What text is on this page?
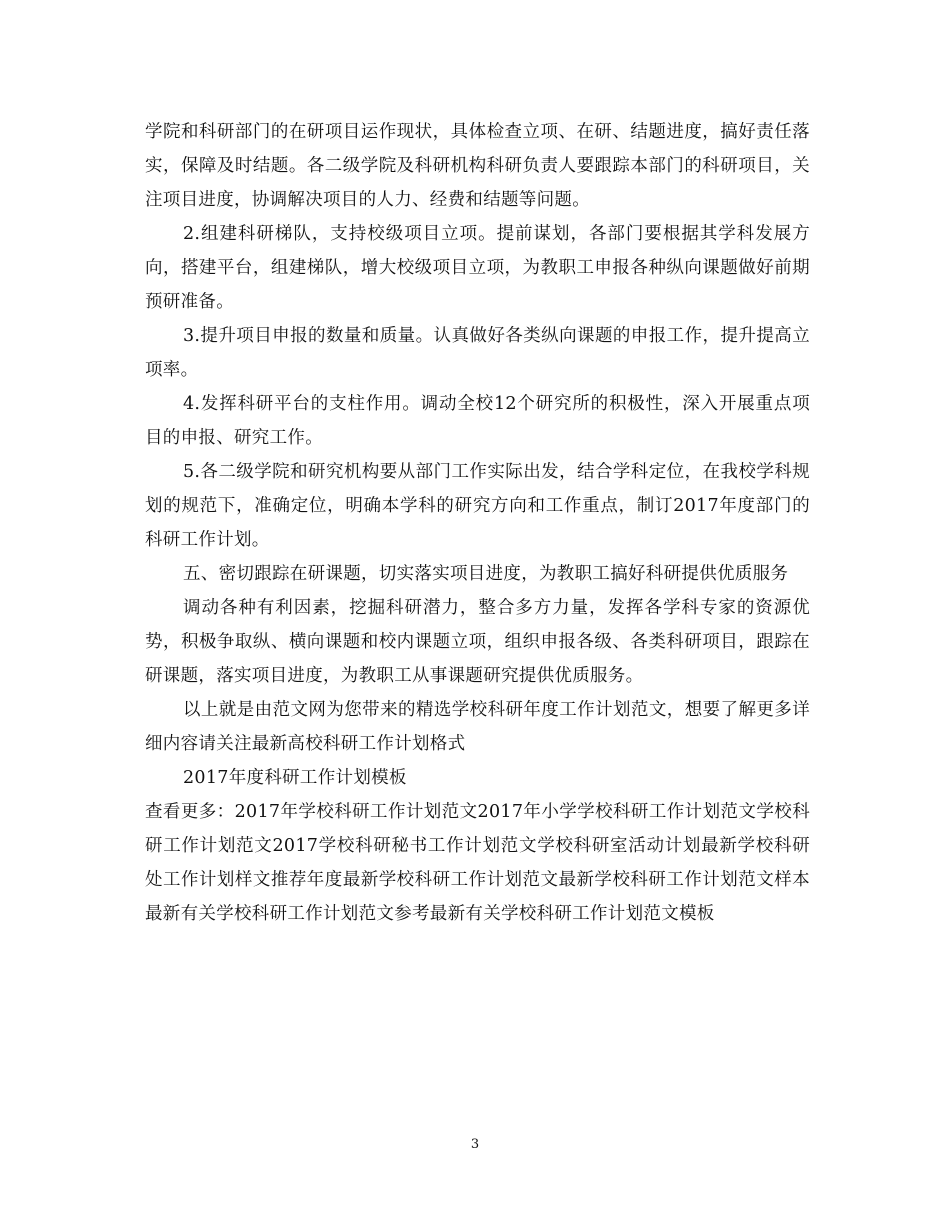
学院和科研部门的在研项目运作现状，具体检查立项、在研、结题进度，搞好责任落实，保障及时结题。各二级学院及科研机构科研负责人要跟踪本部门的科研项目，关注项目进度，协调解决项目的人力、经费和结题等问题。

2.组建科研梯队，支持校级项目立项。提前谋划，各部门要根据其学科发展方向，搭建平台，组建梯队，增大校级项目立项，为教职工申报各种纵向课题做好前期预研准备。

3.提升项目申报的数量和质量。认真做好各类纵向课题的申报工作，提升提高立项率。

4.发挥科研平台的支柱作用。调动全校12个研究所的积极性，深入开展重点项目的申报、研究工作。

5.各二级学院和研究机构要从部门工作实际出发，结合学科定位，在我校学科规划的规范下，准确定位，明确本学科的研究方向和工作重点，制订2017年度部门的科研工作计划。

五、密切跟踪在研课题，切实落实项目进度，为教职工搞好科研提供优质服务

调动各种有利因素，挖掘科研潜力，整合多方力量，发挥各学科专家的资源优势，积极争取纵、横向课题和校内课题立项，组织申报各级、各类科研项目，跟踪在研课题，落实项目进度，为教职工从事课题研究提供优质服务。

以上就是由范文网为您带来的精选学校科研年度工作计划范文，想要了解更多详细内容请关注最新高校科研工作计划格式

2017年度科研工作计划模板

查看更多：2017年学校科研工作计划范文2017年小学学校科研工作计划范文学校科研工作计划范文2017学校科研秘书工作计划范文学校科研室活动计划最新学校科研处工作计划样文推荐年度最新学校科研工作计划范文最新学校科研工作计划范文样本最新有关学校科研工作计划范文参考最新有关学校科研工作计划范文模板

3
